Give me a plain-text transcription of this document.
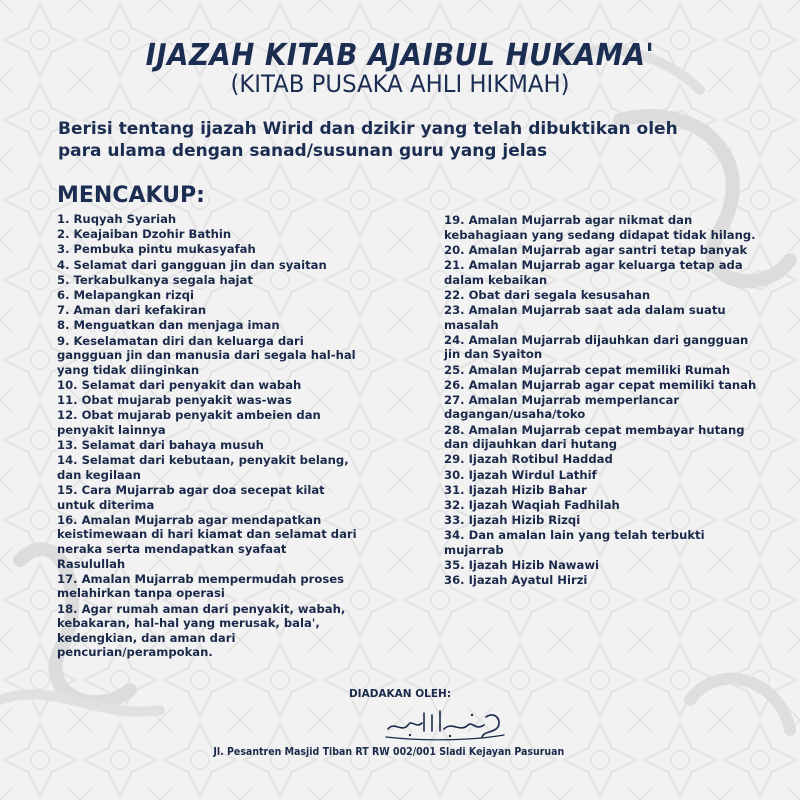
IJAZAH KITAB AJAIBUL HUKAMA'
(KITAB PUSAKA AHLI HIKMAH)
Berisi tentang ijazah Wirid dan dzikir yang telah dibuktikan oleh
para ulama dengan sanad/susunan guru yang jelas
MENCAKUP:
1. Ruqyah Syariah
2. Keajaiban Dzohir Bathin
3. Pembuka pintu mukasyafah
4. Selamat dari gangguan jin dan syaitan
5. Terkabulkanya segala hajat
6. Melapangkan rizqi
7. Aman dari kefakiran
8. Menguatkan dan menjaga iman
9. Keselamatan diri dan keluarga dari gangguan jin dan manusia dari segala hal-hal yang tidak diinginkan
10. Selamat dari penyakit dan wabah
11. Obat mujarab penyakit was-was
12. Obat mujarab penyakit ambeien dan penyakit lainnya
13. Selamat dari bahaya musuh
14. Selamat dari kebutaan, penyakit belang, dan kegilaan
15. Cara Mujarrab agar doa secepat kilat untuk diterima
16. Amalan Mujarrab agar mendapatkan keistimewaan di hari kiamat dan selamat dari neraka serta mendapatkan syafaat Rasulullah
17. Amalan Mujarrab mempermudah proses melahirkan tanpa operasi
18. Agar rumah aman dari penyakit, wabah, kebakaran, hal-hal yang merusak, bala', kedengkian, dan aman dari pencurian/perampokan.
19. Amalan Mujarrab agar nikmat dan kebahagiaan yang sedang didapat tidak hilang.
20. Amalan Mujarrab agar santri tetap banyak
21. Amalan Mujarrab agar keluarga tetap ada dalam kebaikan
22. Obat dari segala kesusahan
23. Amalan Mujarrab saat ada dalam suatu masalah
24. Amalan Mujarrab dijauhkan dari gangguan jin dan Syaiton
25. Amalan Mujarrab cepat memiliki Rumah
26. Amalan Mujarrab agar cepat memiliki tanah
27. Amalan Mujarrab memperlancar dagangan/usaha/toko
28. Amalan Mujarrab cepat membayar hutang dan dijauhkan dari hutang
29. Ijazah Rotibul Haddad
30. Ijazah Wirdul Lathif
31. Ijazah Hizib Bahar
32. Ijazah Waqiah Fadhilah
33. Ijazah Hizib Rizqi
34. Dan amalan lain yang telah terbukti mujarrab
35. Ijazah Hizib Nawawi
36. Ijazah Ayatul Hirzi
DIADAKAN OLEH:
Jl. Pesantren Masjid Tiban RT RW 002/001 Sladi Kejayan Pasuruan
